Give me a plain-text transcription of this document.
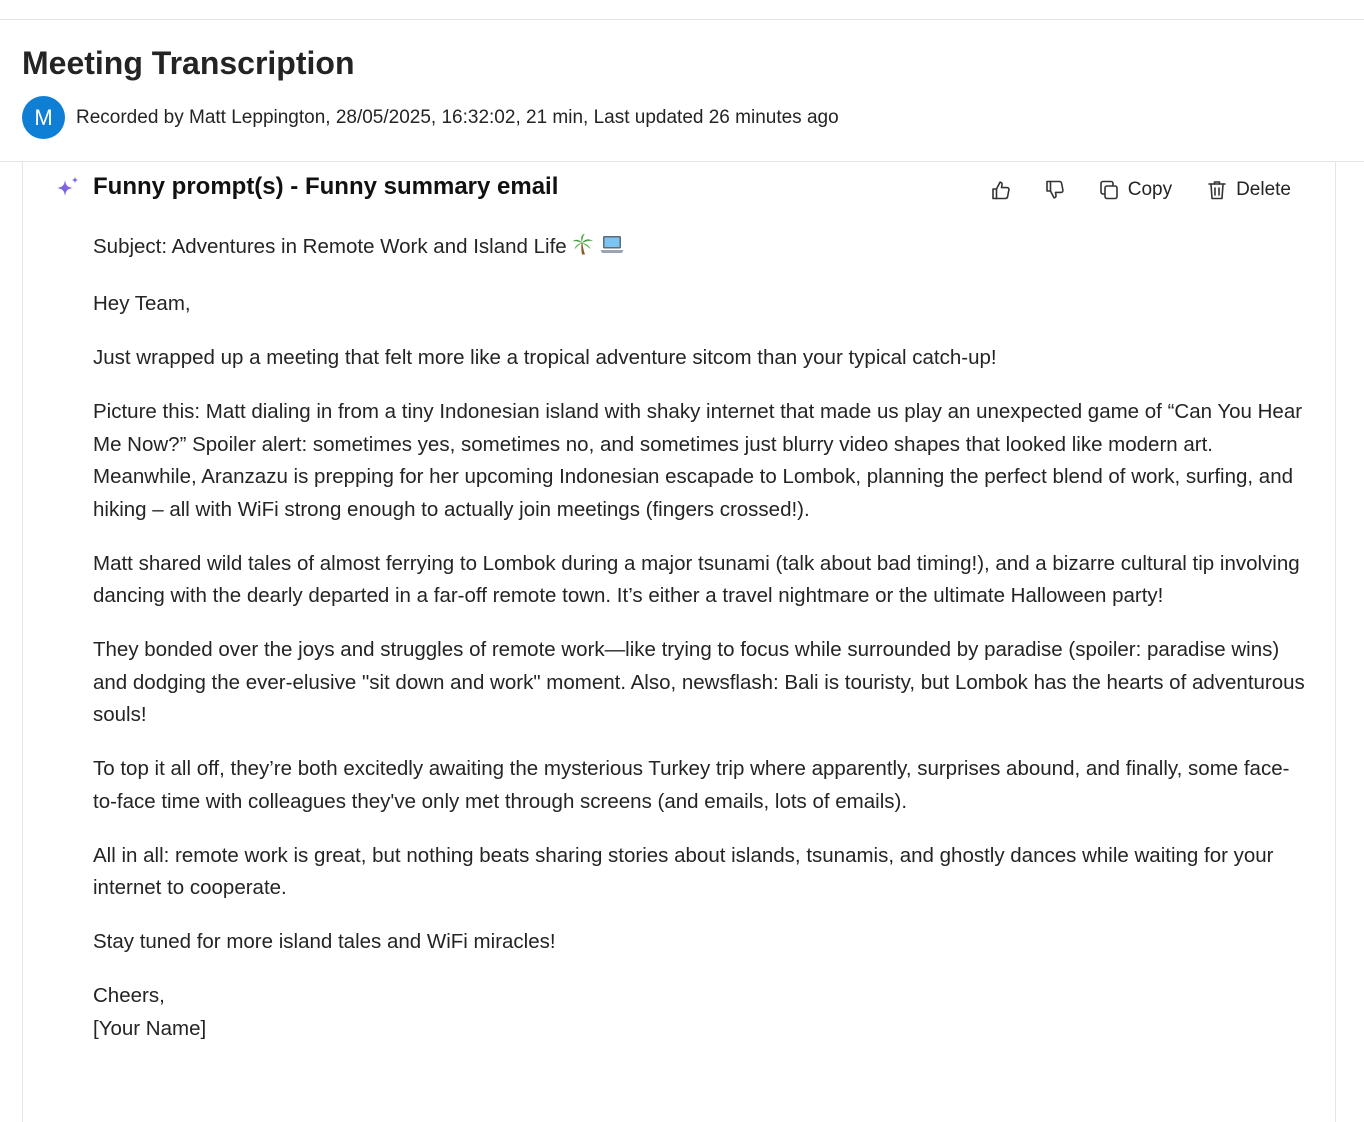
Meeting Transcription
M	Recorded by Matt Leppington, 28/05/2025, 16:32:02, 21 min, Last updated 26 minutes ago
Funny prompt(s) - Funny summary email	Copy	Delete

Subject: Adventures in Remote Work and Island Life

Hey Team,

Just wrapped up a meeting that felt more like a tropical adventure sitcom than your typical catch-up!

Picture this: Matt dialing in from a tiny Indonesian island with shaky internet that made us play an unexpected game of “Can You Hear Me Now?” Spoiler alert: sometimes yes, sometimes no, and sometimes just blurry video shapes that looked like modern art. Meanwhile, Aranzazu is prepping for her upcoming Indonesian escapade to Lombok, planning the perfect blend of work, surfing, and hiking – all with WiFi strong enough to actually join meetings (fingers crossed!).

Matt shared wild tales of almost ferrying to Lombok during a major tsunami (talk about bad timing!), and a bizarre cultural tip involving dancing with the dearly departed in a far-off remote town. It’s either a travel nightmare or the ultimate Halloween party!

They bonded over the joys and struggles of remote work—like trying to focus while surrounded by paradise (spoiler: paradise wins) and dodging the ever-elusive "sit down and work" moment. Also, newsflash: Bali is touristy, but Lombok has the hearts of adventurous souls!

To top it all off, they’re both excitedly awaiting the mysterious Turkey trip where apparently, surprises abound, and finally, some face-to-face time with colleagues they've only met through screens (and emails, lots of emails).

All in all: remote work is great, but nothing beats sharing stories about islands, tsunamis, and ghostly dances while waiting for your internet to cooperate.

Stay tuned for more island tales and WiFi miracles!

Cheers,
[Your Name]
